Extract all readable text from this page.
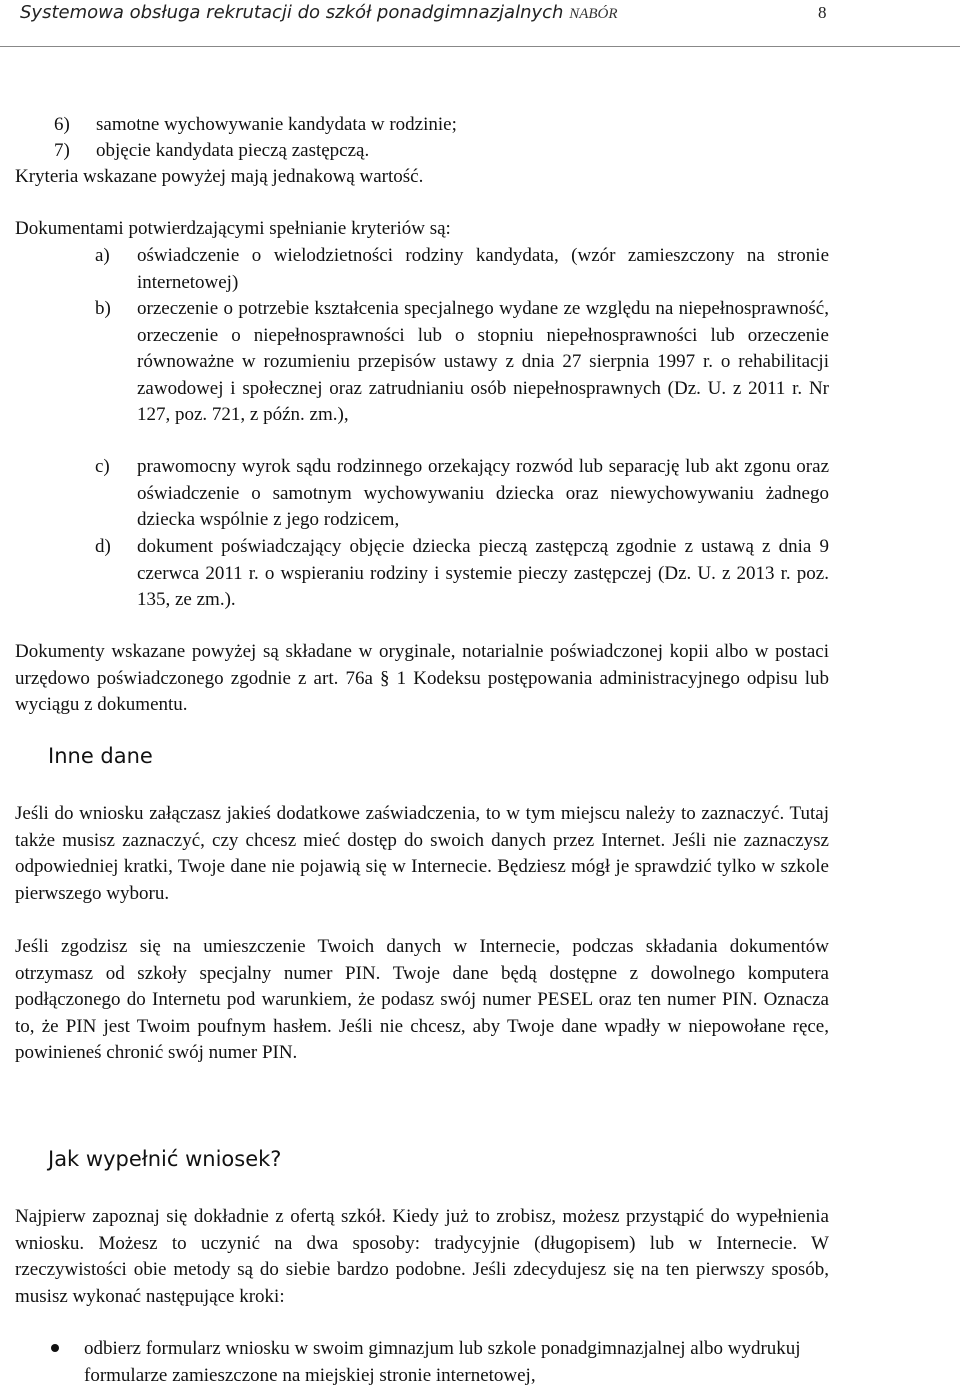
Systemowa obsługa rekrutacji do szkół ponadgimnazjalnych NABÓR	8
6) samotne wychowywanie kandydata w rodzinie;
7) objęcie kandydata pieczą zastępczą.
Kryteria wskazane powyżej mają jednakową wartość.
Dokumentami potwierdzającymi spełnianie kryteriów są:
a) oświadczenie o wielodzietności rodziny kandydata, (wzór zamieszczony na stronie internetowej)
b) orzeczenie o potrzebie kształcenia specjalnego wydane ze względu na niepełnosprawność, orzeczenie o niepełnosprawności lub o stopniu niepełnosprawności lub orzeczenie równoważne w rozumieniu przepisów ustawy z dnia 27 sierpnia 1997 r. o rehabilitacji zawodowej i społecznej oraz zatrudnianiu osób niepełnosprawnych (Dz. U. z 2011 r. Nr 127, poz. 721, z późn. zm.),
c) prawomocny wyrok sądu rodzinnego orzekający rozwód lub separację lub akt zgonu oraz oświadczenie o samotnym wychowywaniu dziecka oraz niewychowywaniu żadnego dziecka wspólnie z jego rodzicem,
d) dokument poświadczający objęcie dziecka pieczą zastępczą zgodnie z ustawą z dnia 9 czerwca 2011 r. o wspieraniu rodziny i systemie pieczy zastępczej (Dz. U. z 2013 r. poz. 135, ze zm.).
Dokumenty wskazane powyżej są składane w oryginale, notarialnie poświadczonej kopii albo w postaci urzędowo poświadczonego zgodnie z art. 76a § 1 Kodeksu postępowania administracyjnego odpisu lub wyciągu z dokumentu.
Inne dane
Jeśli do wniosku załączasz jakieś dodatkowe zaświadczenia, to w tym miejscu należy to zaznaczyć. Tutaj także musisz zaznaczyć, czy chcesz mieć dostęp do swoich danych przez Internet. Jeśli nie zaznaczysz odpowiedniej kratki, Twoje dane nie pojawią się w Internecie. Będziesz mógł je sprawdzić tylko w szkole pierwszego wyboru.
Jeśli zgodzisz się na umieszczenie Twoich danych w Internecie, podczas składania dokumentów otrzymasz od szkoły specjalny numer PIN. Twoje dane będą dostępne z dowolnego komputera podłączonego do Internetu pod warunkiem, że podasz swój numer PESEL oraz ten numer PIN. Oznacza to, że PIN jest Twoim poufnym hasłem. Jeśli nie chcesz, aby Twoje dane wpadły w niepowołane ręce, powinieneś chronić swój numer PIN.
Jak wypełnić wniosek?
Najpierw zapoznaj się dokładnie z ofertą szkół. Kiedy już to zrobisz, możesz przystąpić do wypełnienia wniosku. Możesz to uczynić na dwa sposoby: tradycyjnie (długopisem) lub w Internecie. W rzeczywistości obie metody są do siebie bardzo podobne. Jeśli zdecydujesz się na ten pierwszy sposób, musisz wykonać następujące kroki:
odbierz formularz wniosku w swoim gimnazjum lub szkole ponadgimnazjalnej albo wydrukuj formularze zamieszczone na miejskiej stronie internetowej,
